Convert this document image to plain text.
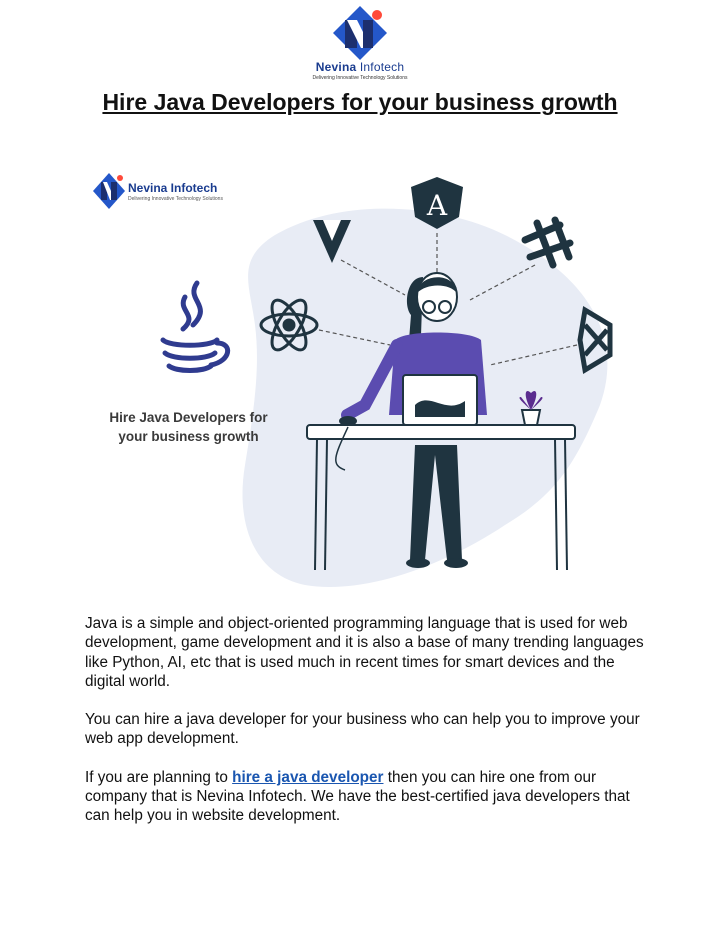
Nevina Infotech
Delivering Innovative Technology Solutions
Hire Java Developers for your business growth
A
Nevina Infotech
Delivering Innovative Technology Solutions
Hire Java Developers for your business growth

Java is a simple and object-oriented programming language that is used for web development, game development and it is also a base of many trending languages like Python, AI, etc that is used much in recent times for smart devices and the digital world.

You can hire a java developer for your business who can help you to improve your web app development.

If you are planning to hire a java developer then you can hire one from our company that is Nevina Infotech. We have the best-certified java developers that can help you in website development.
